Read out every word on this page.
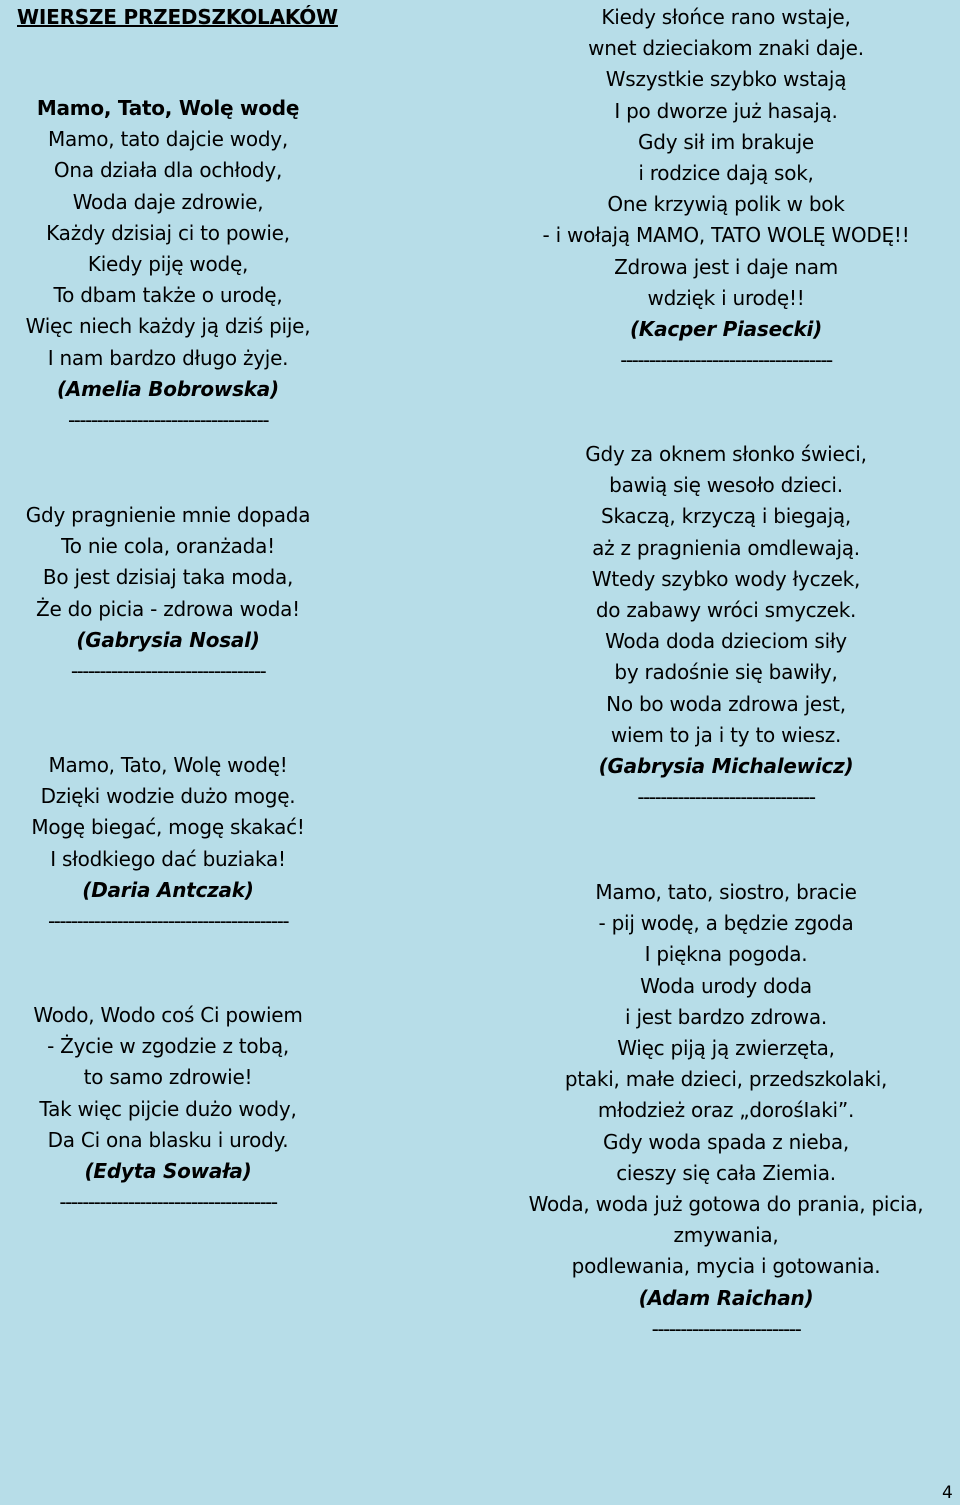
WIERSZE PRZEDSZKOLAKÓW
Mamo, Tato, Wolę wodę
Mamo, tato dajcie wody,
Ona działa dla ochłody,
Woda daje zdrowie,
Każdy dzisiaj ci to powie,
Kiedy piję wodę,
To dbam także o urodę,
Więc niech każdy ją dziś pije,
I nam bardzo długo żyje.
(Amelia Bobrowska)
-----------------------------------
Gdy pragnienie mnie dopada
To nie cola, oranżada!
Bo jest dzisiaj taka moda,
Że do picia - zdrowa woda!
(Gabrysia Nosal)
----------------------------------
Mamo, Tato, Wolę wodę!
Dzięki wodzie dużo mogę.
Mogę biegać, mogę skakać!
I słodkiego dać buziaka!
(Daria Antczak)
------------------------------------------
Wodo, Wodo coś Ci powiem
- Życie w zgodzie z tobą,
to samo zdrowie!
Tak więc pijcie dużo wody,
Da Ci ona blasku i urody.
(Edyta Sowała)
--------------------------------------
Kiedy słońce rano wstaje,
wnet dzieciakom znaki daje.
Wszystkie szybko wstają
I po dworze już hasają.
Gdy sił im brakuje
i rodzice dają sok,
One krzywią polik w bok
- i wołają MAMO, TATO WOLĘ WODĘ!!
Zdrowa jest i daje nam
wdzięk i urodę!!
(Kacper Piasecki)
-------------------------------------
Gdy za oknem słonko świeci,
bawią się wesoło dzieci.
Skaczą, krzyczą i biegają,
aż z pragnienia omdlewają.
Wtedy szybko wody łyczek,
do zabawy wróci smyczek.
Woda doda dzieciom siły
by radośnie się bawiły,
No bo woda zdrowa jest,
wiem to ja i ty to wiesz.
(Gabrysia Michalewicz)
-------------------------------
Mamo, tato, siostro, bracie
- pij wodę, a będzie zgoda
I piękna pogoda.
Woda urody doda
i jest bardzo zdrowa.
Więc piją ją zwierzęta,
ptaki, małe dzieci, przedszkolaki,
młodzież oraz „dorośIaki”.
Gdy woda spada z nieba,
cieszy się cała Ziemia.
Woda, woda już gotowa do prania, picia,
zmywania,
podlewania, mycia i gotowania.
(Adam Raichan)
--------------------------
4
